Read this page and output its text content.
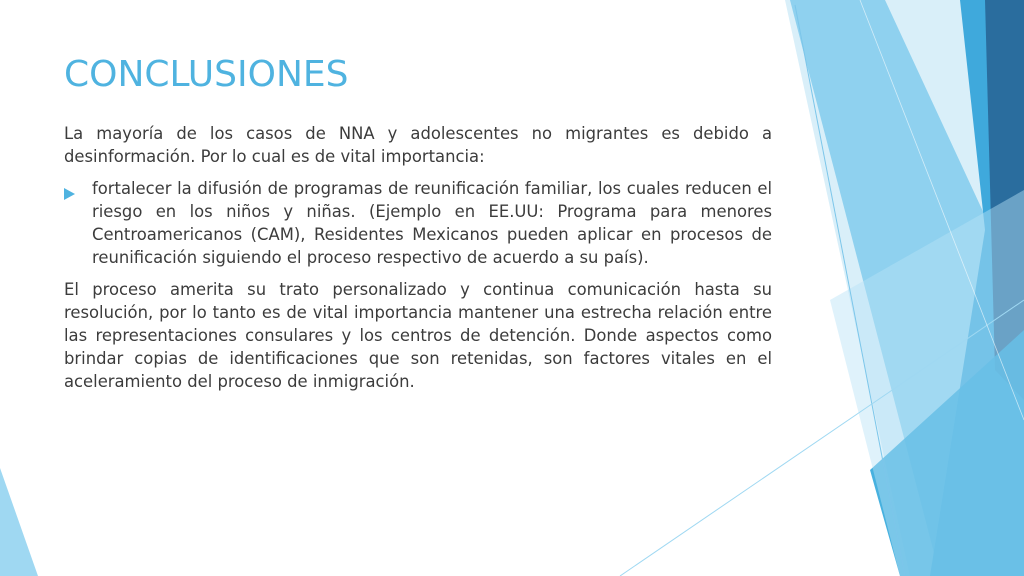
CONCLUSIONES

La mayoría de los casos de NNA y adolescentes no migrantes es debido a desinformación. Por lo cual es de vital importancia:

fortalecer la difusión de programas de reunificación familiar, los cuales reducen el riesgo en los niños y niñas. (Ejemplo en EE.UU: Programa para menores Centroamericanos (CAM), Residentes Mexicanos pueden aplicar en procesos de reunificación siguiendo el proceso respectivo de acuerdo a su país).

El proceso amerita su trato personalizado y continua comunicación hasta su resolución, por lo tanto es de vital importancia mantener una estrecha relación entre las representaciones consulares y los centros de detención. Donde aspectos como brindar copias de identificaciones que son retenidas, son factores vitales en el aceleramiento del proceso de inmigración.
